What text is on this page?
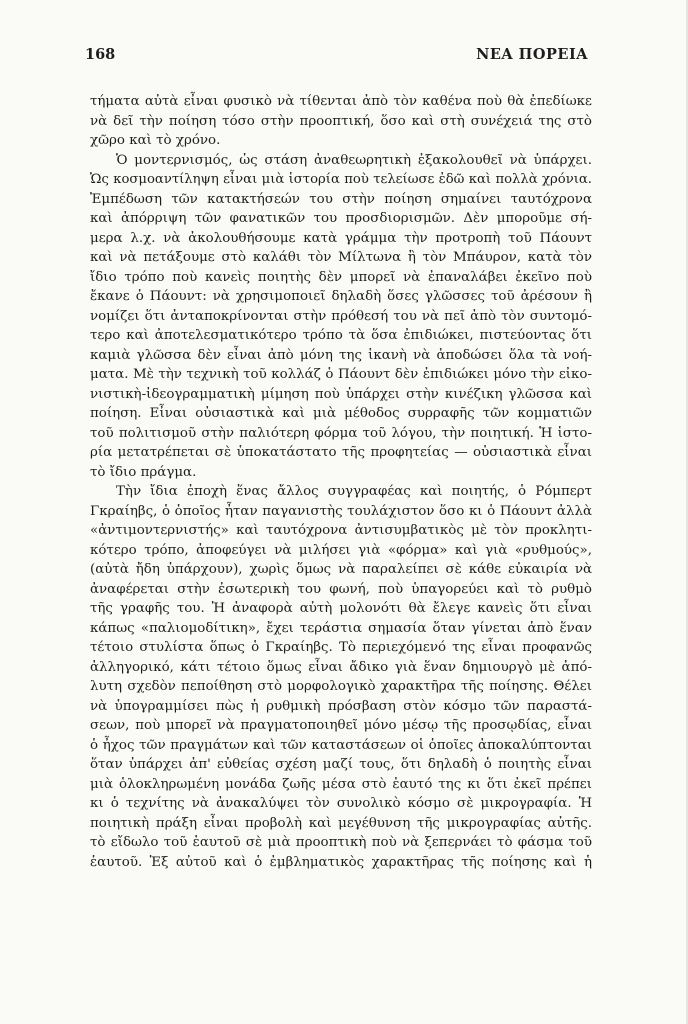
168	ΝΕΑ ΠΟΡΕΙΑ
τήματα αὐτὰ εἶναι φυσικὸ νὰ τίθενται ἀπὸ τὸν καθένα ποὺ θὰ ἐπεδίωκε
νὰ δεῖ τὴν ποίηση τόσο στὴν προοπτική, ὅσο καὶ στὴ συνέχειά της στὸ
χῶρο καὶ τὸ χρόνο.
Ὁ μοντερνισμός, ὡς στάση ἀναθεωρητικὴ ἐξακολουθεῖ νὰ ὑπάρχει.
Ὡς κοσμοαντίληψη εἶναι μιὰ ἱστορία ποὺ τελείωσε ἐδῶ καὶ πολλὰ χρόνια.
Ἐμπέδωση τῶν κατακτήσεών του στὴν ποίηση σημαίνει ταυτόχρονα
καὶ ἀπόρριψη τῶν φανατικῶν του προσδιορισμῶν. Δὲν μποροῦμε σή-
μερα λ.χ. νὰ ἀκολουθήσουμε κατὰ γράμμα τὴν προτροπὴ τοῦ Πάουντ
καὶ νὰ πετάξουμε στὸ καλάθι τὸν Μίλτωνα ἢ τὸν Μπάυρον, κατὰ τὸν
ἴδιο τρόπο ποὺ κανεὶς ποιητὴς δὲν μπορεῖ νὰ ἐπαναλάβει ἐκεῖνο ποὺ
ἔκανε ὁ Πάουντ: νὰ χρησιμοποιεῖ δηλαδὴ ὅσες γλῶσσες τοῦ ἀρέσουν ἢ
νομίζει ὅτι ἀνταποκρίνονται στὴν πρόθεσή του νὰ πεῖ ἀπὸ τὸν συντομό-
τερο καὶ ἀποτελεσματικότερο τρόπο τὰ ὅσα ἐπιδιώκει, πιστεύοντας ὅτι
καμιὰ γλῶσσα δὲν εἶναι ἀπὸ μόνη της ἱκανὴ νὰ ἀποδώσει ὅλα τὰ νοή-
ματα. Μὲ τὴν τεχνικὴ τοῦ κολλάζ ὁ Πάουντ δὲν ἐπιδιώκει μόνο τὴν εἰκο-
νιστικὴ-ἰδεογραμματικὴ μίμηση ποὺ ὑπάρχει στὴν κινέζικη γλῶσσα καὶ
ποίηση. Εἶναι οὐσιαστικὰ καὶ μιὰ μέθοδος συρραφῆς τῶν κομματιῶν
τοῦ πολιτισμοῦ στὴν παλιότερη φόρμα τοῦ λόγου, τὴν ποιητική. Ἡ ἱστο-
ρία μετατρέπεται σὲ ὑποκατάστατο τῆς προφητείας — οὐσιαστικὰ εἶναι
τὸ ἴδιο πράγμα.
Τὴν ἴδια ἐποχὴ ἕνας ἄλλος συγγραφέας καὶ ποιητής, ὁ Ρόμπερτ
Γκραίηβς, ὁ ὁποῖος ἦταν παγανιστὴς τουλάχιστον ὅσο κι ὁ Πάουντ ἀλλὰ
«ἀντιμοντερνιστής» καὶ ταυτόχρονα ἀντισυμβατικὸς μὲ τὸν προκλητι-
κότερο τρόπο, ἀποφεύγει νὰ μιλήσει γιὰ «φόρμα» καὶ γιὰ «ρυθμούς»,
(αὐτὰ ἤδη ὑπάρχουν), χωρὶς ὅμως νὰ παραλείπει σὲ κάθε εὐκαιρία νὰ
ἀναφέρεται στὴν ἐσωτερικὴ του φωνή, ποὺ ὑπαγορεύει καὶ τὸ ρυθμὸ
τῆς γραφῆς του. Ἡ ἀναφορὰ αὐτὴ μολονότι θὰ ἔλεγε κανεὶς ὅτι εἶναι
κάπως «παλιομοδίτικη», ἔχει τεράστια σημασία ὅταν γίνεται ἀπὸ ἕναν
τέτοιο στυλίστα ὅπως ὁ Γκραίηβς. Τὸ περιεχόμενό της εἶναι προφανῶς
ἀλληγορικό, κάτι τέτοιο ὅμως εἶναι ἄδικο γιὰ ἕναν δημιουργὸ μὲ ἀπό-
λυτη σχεδὸν πεποίθηση στὸ μορφολογικὸ χαρακτῆρα τῆς ποίησης. Θέλει
νὰ ὑπογραμμίσει πὼς ἡ ρυθμικὴ πρόσβαση στὸν κόσμο τῶν παραστά-
σεων, ποὺ μπορεῖ νὰ πραγματοποιηθεῖ μόνο μέσῳ τῆς προσῳδίας, εἶναι
ὁ ἦχος τῶν πραγμάτων καὶ τῶν καταστάσεων οἱ ὁποῖες ἀποκαλύπτονται
ὅταν ὑπάρχει ἀπ' εὐθείας σχέση μαζί τους, ὅτι δηλαδὴ ὁ ποιητὴς εἶναι
μιὰ ὁλοκληρωμένη μονάδα ζωῆς μέσα στὸ ἑαυτό της κι ὅτι ἐκεῖ πρέπει
κι ὁ τεχνίτης νὰ ἀνακαλύψει τὸν συνολικὸ κόσμο σὲ μικρογραφία. Ἡ
ποιητικὴ πράξη εἶναι προβολὴ καὶ μεγέθυνση τῆς μικρογραφίας αὐτῆς.
τὸ εἴδωλο τοῦ ἑαυτοῦ σὲ μιὰ προοπτικὴ ποὺ νὰ ξεπερνάει τὸ φάσμα τοῦ
ἑαυτοῦ. Ἐξ αὐτοῦ καὶ ὁ ἐμβληματικὸς χαρακτῆρας τῆς ποίησης καὶ ἡ
